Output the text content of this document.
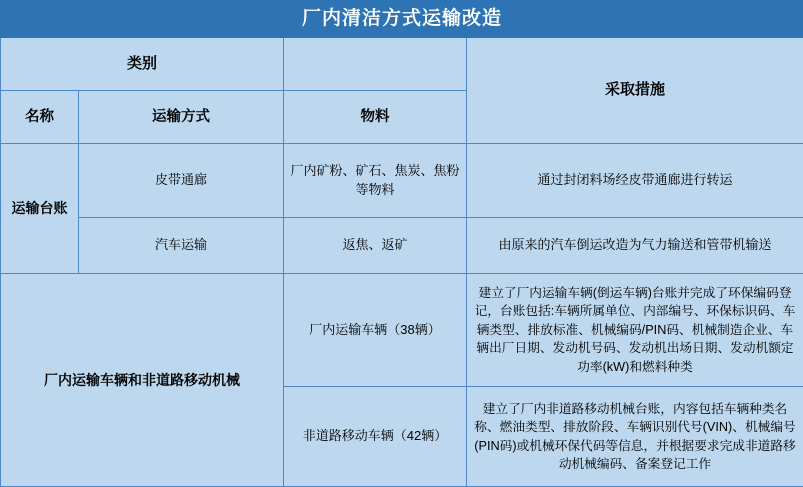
厂内清洁方式运输改造			
类别			采取措施
名称	运输方式	物料	
运输台账	皮带通廊	厂内矿粉、矿石、焦炭、焦粉等物料	通过封闭料场经皮带通廊进行转运
	汽车运输	返焦、返矿	由原来的汽车倒运改造为气力输送和管带机输送
厂内运输车辆和非道路移动机械		厂内运输车辆（38辆）	建立了厂内运输车辆(倒运车辆)台账并完成了环保编码登记，台账包括:车辆所属单位、内部编号、环保标识码、车辆类型、排放标准、机械编码/PIN码、机械制造企业、车辆出厂日期、发动机号码、发动机出场日期、发动机额定功率(kW)和燃料种类
		非道路移动车辆（42辆）	建立了厂内非道路移动机械台账，内容包括车辆种类名称、燃油类型、排放阶段、车辆识别代号(VIN)、机械编号(PIN码)或机械环保代码等信息，并根据要求完成非道路移动机械编码、备案登记工作
